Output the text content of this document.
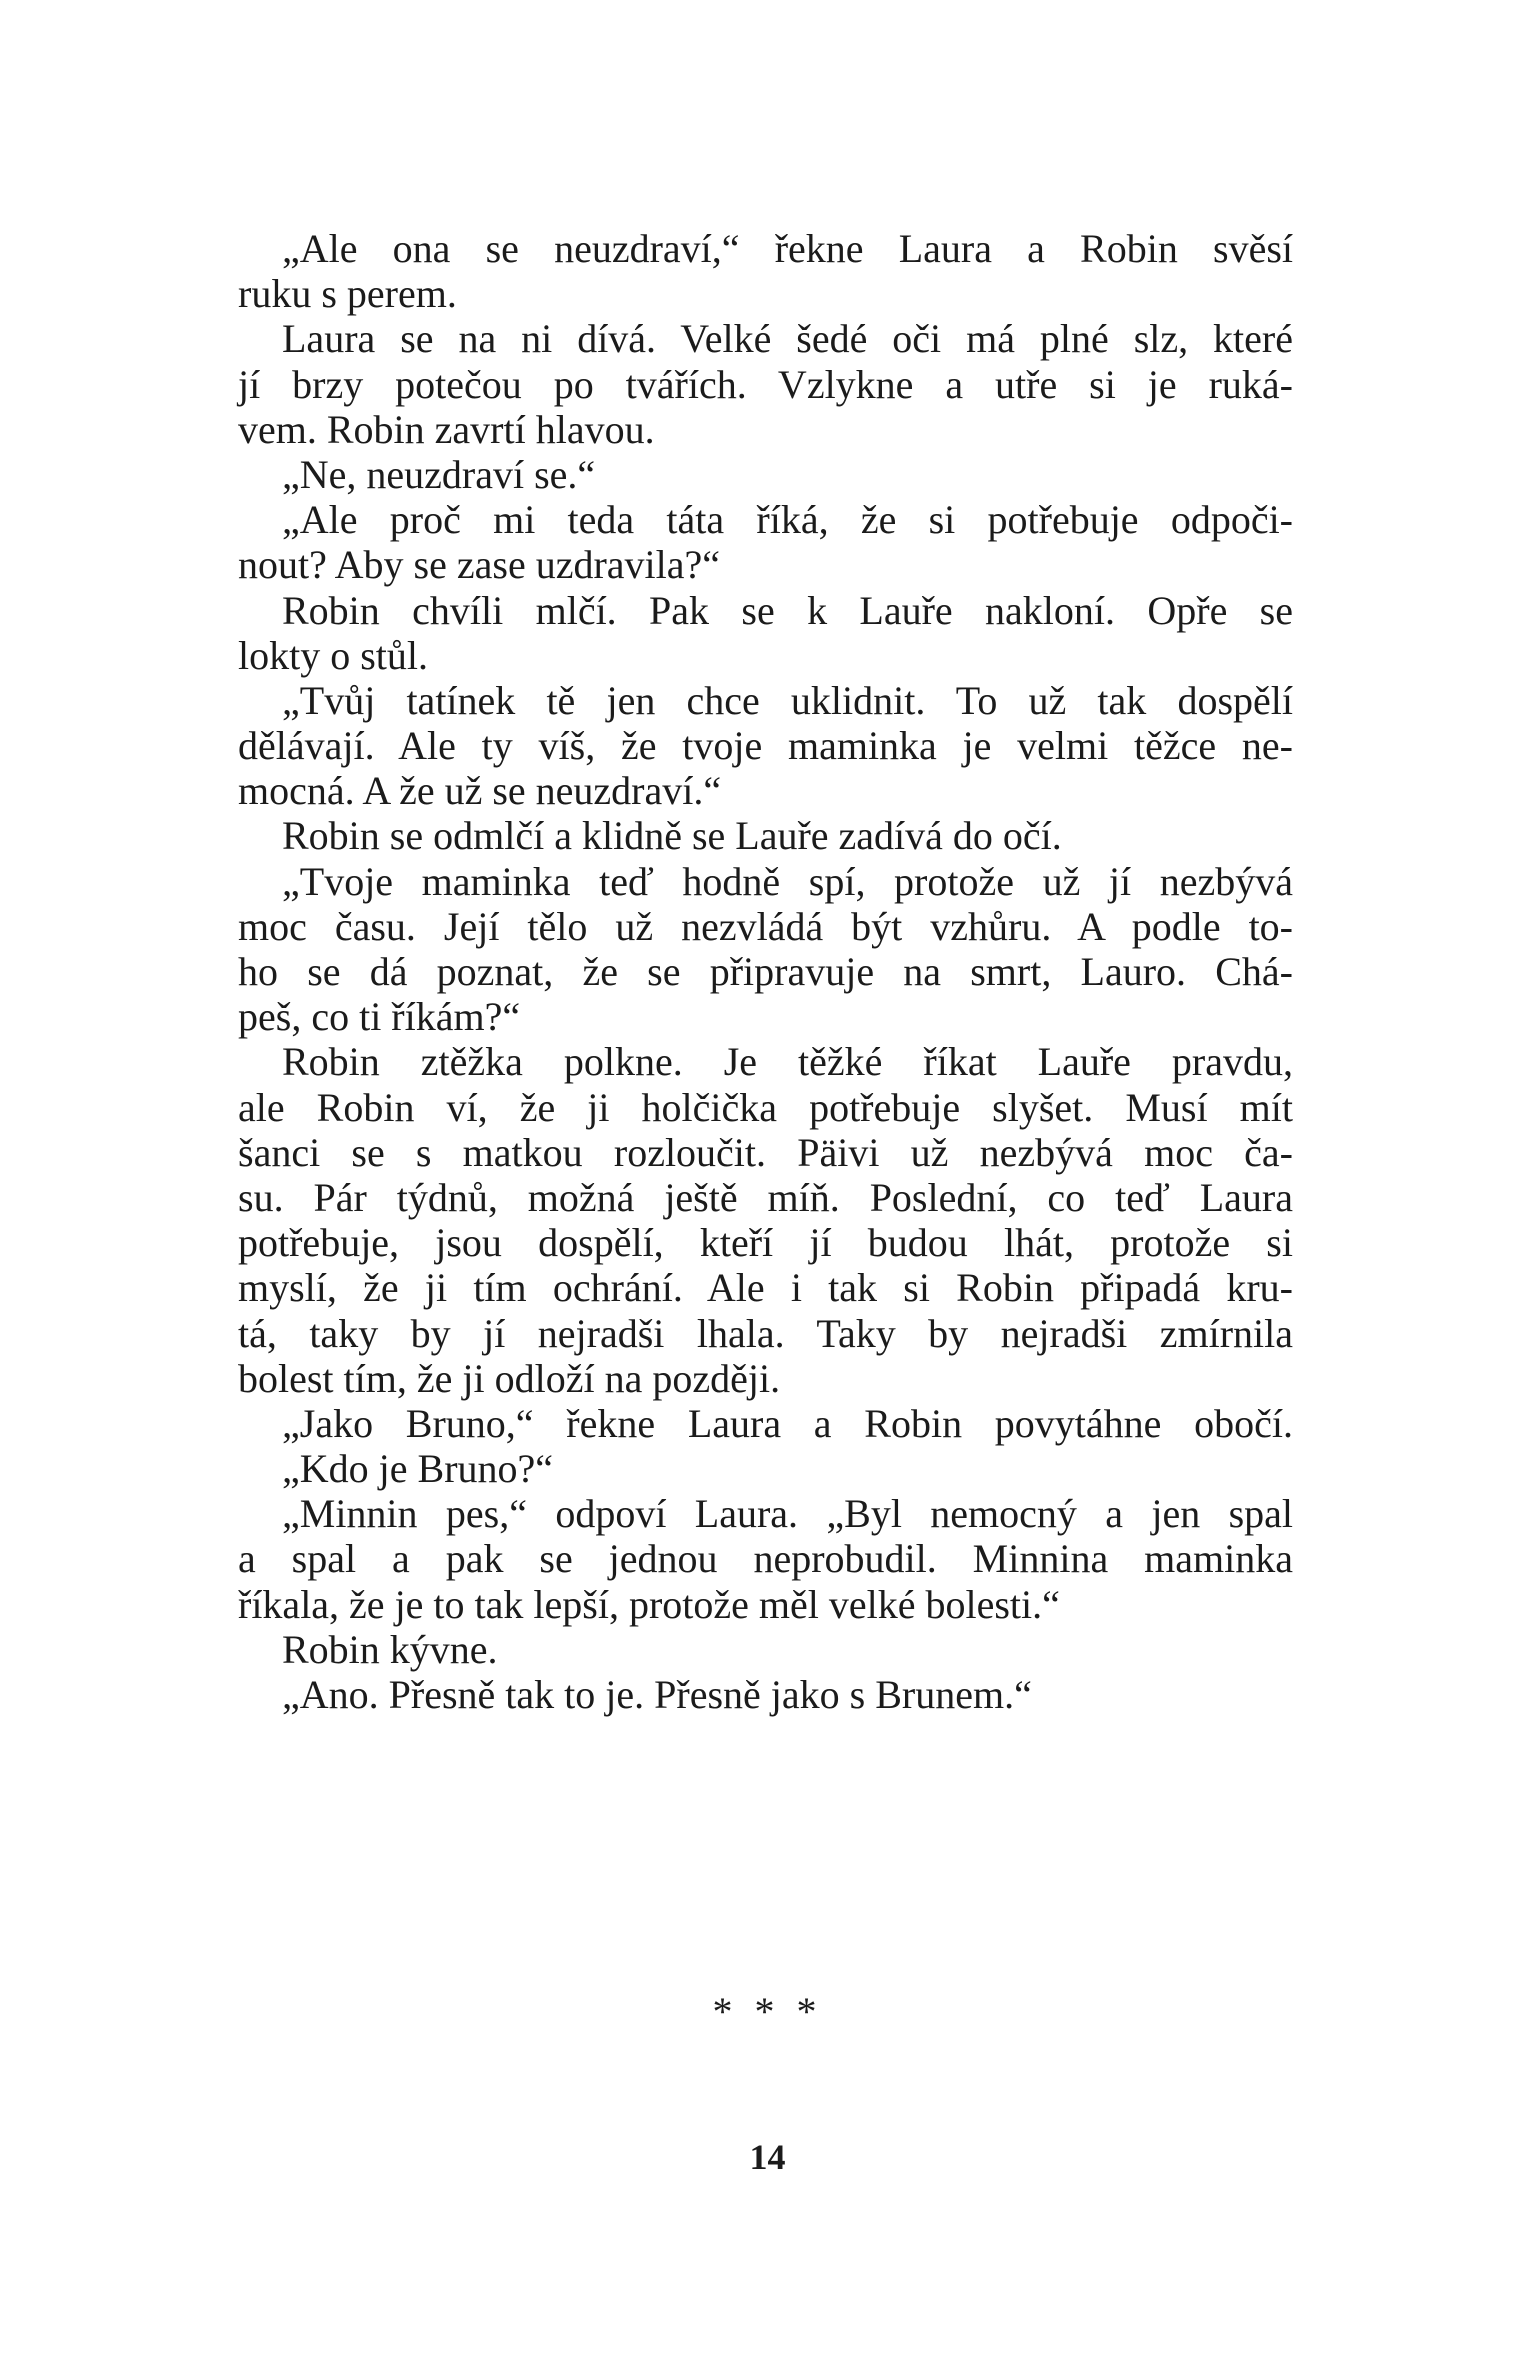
„Ale ona se neuzdraví,“ řekne Laura a Robin svěsí
ruku s perem.
Laura se na ni dívá. Velké šedé oči má plné slz, které
jí brzy potečou po tvářích. Vzlykne a utře si je ruká-
vem. Robin zavrtí hlavou.
„Ne, neuzdraví se.“
„Ale proč mi teda táta říká, že si potřebuje odpoči-
nout? Aby se zase uzdravila?“
Robin chvíli mlčí. Pak se k Lauře nakloní. Opře se
lokty o stůl.
„Tvůj tatínek tě jen chce uklidnit. To už tak dospělí
dělávají. Ale ty víš, že tvoje maminka je velmi těžce ne-
mocná. A že už se neuzdraví.“
Robin se odmlčí a klidně se Lauře zadívá do očí.
„Tvoje maminka teď hodně spí, protože už jí nezbývá
moc času. Její tělo už nezvládá být vzhůru. A podle to-
ho se dá poznat, že se připravuje na smrt, Lauro. Chá-
peš, co ti říkám?“
Robin ztěžka polkne. Je těžké říkat Lauře pravdu,
ale Robin ví, že ji holčička potřebuje slyšet. Musí mít
šanci se s matkou rozloučit. Päivi už nezbývá moc ča-
su. Pár týdnů, možná ještě míň. Poslední, co teď Laura
potřebuje, jsou dospělí, kteří jí budou lhát, protože si
myslí, že ji tím ochrání. Ale i tak si Robin připadá kru-
tá, taky by jí nejradši lhala. Taky by nejradši zmírnila
bolest tím, že ji odloží na později.
„Jako Bruno,“ řekne Laura a Robin povytáhne obočí.
„Kdo je Bruno?“
„Minnin pes,“ odpoví Laura. „Byl nemocný a jen spal
a spal a pak se jednou neprobudil. Minnina maminka
říkala, že je to tak lepší, protože měl velké bolesti.“
Robin kývne.
„Ano. Přesně tak to je. Přesně jako s Brunem.“
* * *
14
